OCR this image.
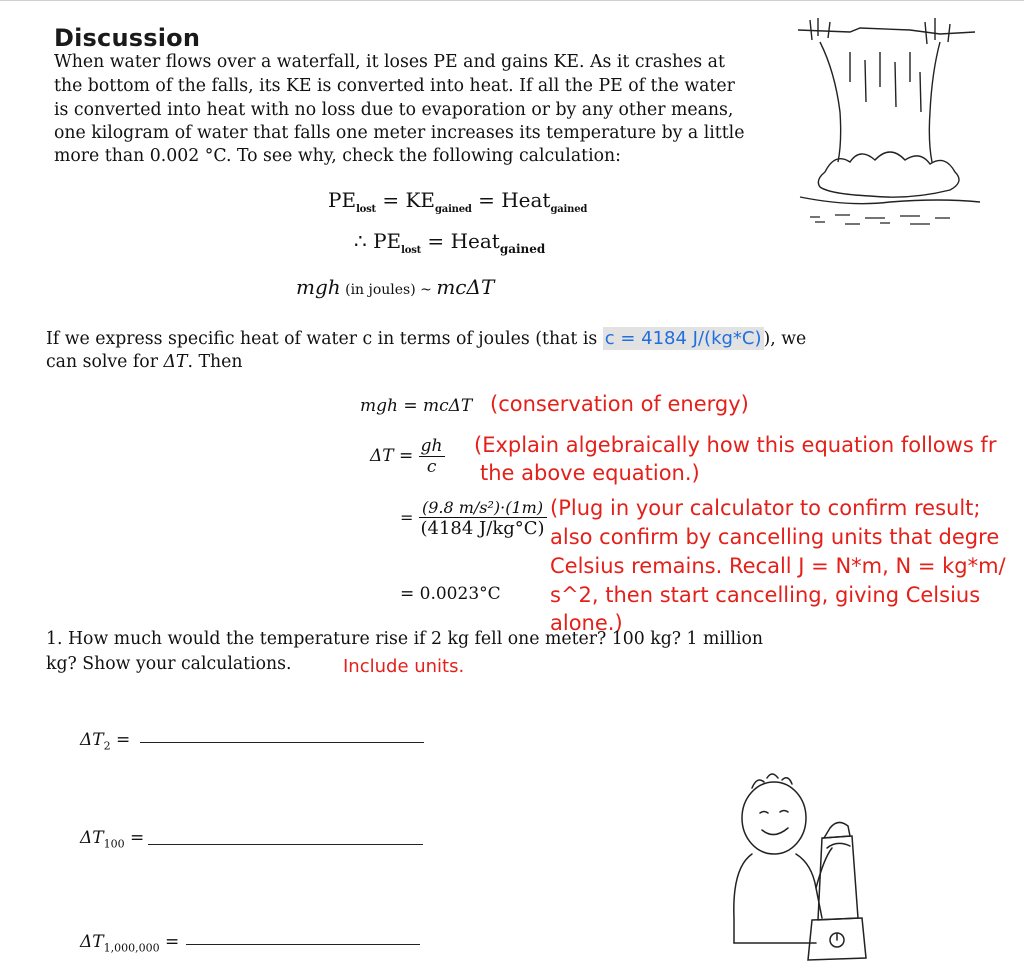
Discussion
When water flows over a waterfall, it loses PE and gains KE. As it crashes at
the bottom of the falls, its KE is converted into heat. If all the PE of the water
is converted into heat with no loss due to evaporation or by any other means,
one kilogram of water that falls one meter increases its temperature by a little
more than 0.002 °C. To see why, check the following calculation:
$PE_{lost} = KE_{gained}$ = Heat$_{gained}$
∴ $PE_{lost}$ = Heat$_{gained}$
mgh (in joules) ~ mcΔT
If we express specific heat of water c in terms of joules (that is c = 4184 J/(kg*C) ), we
can solve for ΔT. Then
mgh = mcΔT (conservation of energy)
$\Delta T = \frac{gh}{c}$ (Explain algebraically how this equation follows fr
the above equation.)
= $\frac{\text{(9.8 m/s²)·(1m)}}{(4184 J/kg^\circ C)}$ (Plug in your calculator to confirm result;
also confirm by cancelling units that degre
Celsius remains. Recall J = N*m, N = kg*m/
= 0.0023°C s^2, then start cancelling, giving Celsius
alone.)
1. How much would the temperature rise if 2 kg fell one meter? 100 kg? 1 million
kg? Show your calculations.	Include units.
$\Delta T_2$ =
$\Delta T_{100}$ =
$\Delta T_{1,000,000}$ =
